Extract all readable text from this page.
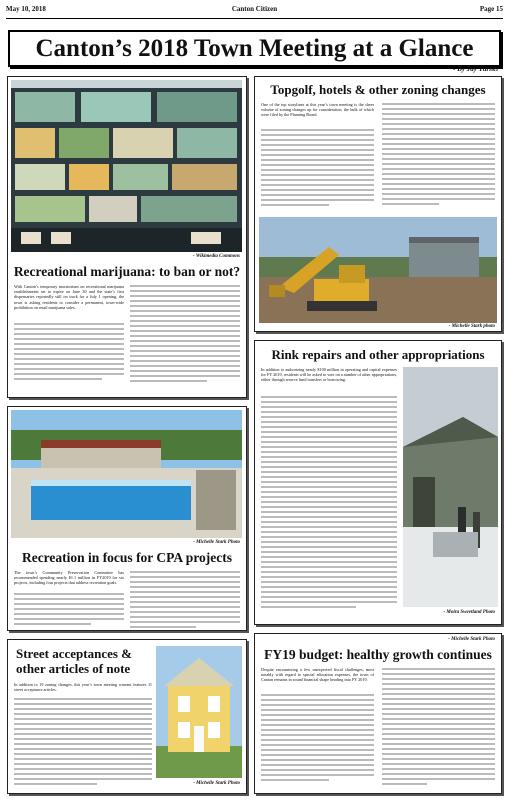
May 10, 2018	Canton Citizen	Page 15
Canton’s 2018 Town Meeting at a Glance
- By Jay Turner
- Wikimedia Commons
Recreational marijuana: to ban or not?
With Canton’s temporary moratorium on recreational marijuana establishments set to expire on June 30 and the state’s first dispensaries reportedly still on track for a July 1 opening, the town is asking residents to consider a permanent, town-wide prohibition on retail marijuana sales.
Topgolf, hotels & other zoning changes
One of the top storylines at this year’s town meeting is the sheer volume of zoning changes up for consideration, the bulk of which were filed by the Planning Board.
- Michelle Stark photo
Rink repairs and other appropriations
In addition to authorizing nearly $100 million in operating and capital expenses for FY 2019, residents will be asked to vote on a number of other appropriations, either through reserve fund transfers or borrowing.
- Moira Sweetland Photo
- Michelle Stark Photo
Recreation in focus for CPA projects
The town’s Community Preservation Committee has recommended spending nearly $1.1 million in FY2019 for six projects, including four projects that address recreation goals.
Street acceptances &
other articles of note
In addition to 19 zoning changes, this year’s town meeting warrant features 11 street acceptance articles.
- Michelle Stark Photo
- Michelle Stark Photo
FY19 budget: healthy growth continues
Despite encountering a few unexpected fiscal challenges, most notably with regard to special education expenses, the town of Canton remains in sound financial shape heading into FY 2019.
